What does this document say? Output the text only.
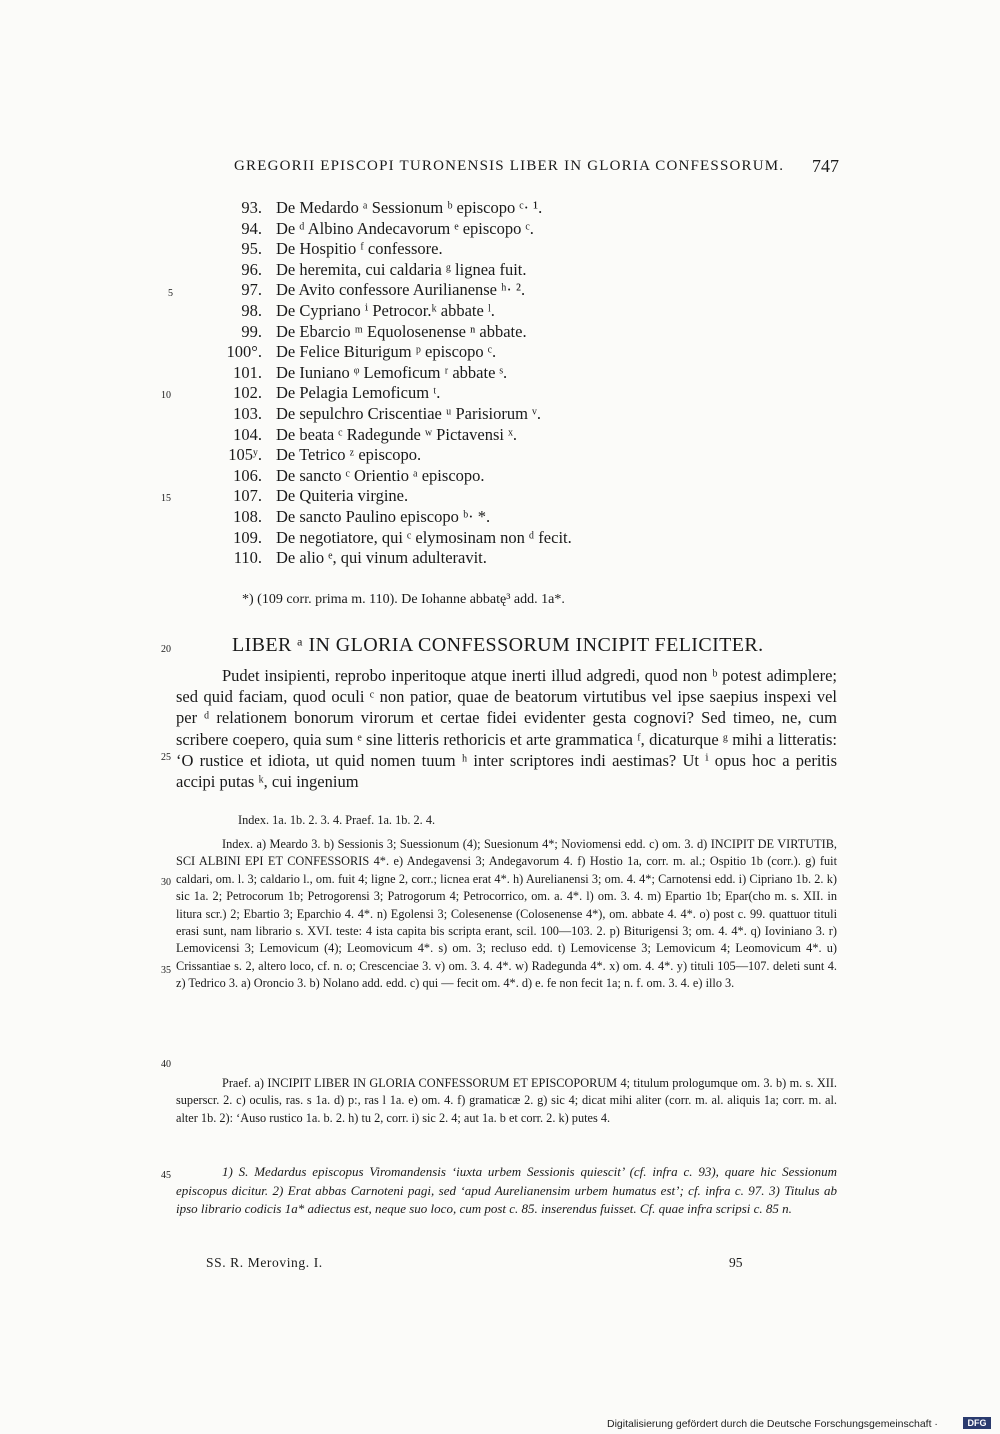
GREGORII EPISCOPI TURONENSIS LIBER IN GLORIA CONFESSORUM. 747
93. De Medardo ᵃ Sessionum ᵇ episcopo ᶜ· ¹.
94. De ᵈ Albino Andecavorum ᵉ episcopo ᶜ.
95. De Hospitio ᶠ confessore.
96. De heremita, cui caldaria ᵍ lignea fuit.
97. De Avito confessore Aurilianense ʰ· ².
98. De Cypriano ⁱ Petrocor.ᵏ abbate ˡ.
99. De Ebarcio ᵐ Equolosenense ⁿ abbate.
100°. De Felice Biturigum ᵖ episcopo ᶜ.
101. De Iuniano ᵠ Lemoficum ʳ abbate ˢ.
102. De Pelagia Lemoficum ᵗ.
103. De sepulchro Criscentiae ᵘ Parisiorum ᵛ.
104. De beata ᶜ Radegunde ʷ Pictavensi ˣ.
105ʸ. De Tetrico ᶻ episcopo.
106. De sancto ᶜ Orientio ᵃ episcopo.
107. De Quiteria virgine.
108. De sancto Paulino episcopo ᵇ· *.
109. De negotiatore, qui ᶜ elymosinam non ᵈ fecit.
110. De alio ᵉ, qui vinum adulteravit.
5
10
15
20
25
30
35
40
45
*) (109 corr. prima m. 110). De Iohanne abbatę³ add. 1a*.
LIBER ᵃ IN GLORIA CONFESSORUM INCIPIT FELICITER.

Pudet insipienti, reprobo inperitoque atque inerti illud adgredi, quod non ᵇ potest adimplere; sed quid faciam, quod oculi ᶜ non patior, quae de beatorum virtutibus vel ipse saepius inspexi vel per ᵈ relationem bonorum virorum et certae fidei evidenter gesta cognovi? Sed timeo, ne, cum scribere coepero, quia sum ᵉ sine litteris rethoricis et arte grammatica ᶠ, dicaturque ᵍ mihi a litteratis: ‘O rustice et idiota, ut quid nomen tuum ʰ inter scriptores indi aestimas? Ut ⁱ opus hoc a peritis accipi putas ᵏ, cui ingenium

Index. 1a. 1b. 2. 3. 4. Praef. 1a. 1b. 2. 4.

Index. a) Meardo 3. b) Sessionis 3; Suessionum (4); Suesionum 4*; Noviomensi edd. c) om. 3. d) INCIPIT DE VIRTUTIB, SCI ALBINI EPI ET CONFESSORIS 4*. e) Andegavensi 3; Andegavorum 4. f) Hostio 1a, corr. m. al.; Ospitio 1b (corr.). g) fuit caldari, om. l. 3; caldario l., om. fuit 4; ligne 2, corr.; licnea erat 4*. h) Aurelianensi 3; om. 4. 4*; Carnotensi edd. i) Cipriano 1b. 2. k) sic 1a. 2; Petrocorum 1b; Petrogorensi 3; Patrogorum 4; Petrocorrico, om. a. 4*. l) om. 3. 4. m) Epartio 1b; Epar(cho m. s. XII. in litura scr.) 2; Ebartio 3; Eparchio 4. 4*. n) Egolensi 3; Colesenense (Colosenense 4*), om. abbate 4. 4*. o) post c. 99. quattuor tituli erasi sunt, nam librario s. XVI. teste: 4 ista capita bis scripta erant, scil. 100—103. 2. p) Biturigensi 3; om. 4. 4*. q) Ioviniano 3. r) Lemovicensi 3; Lemovicum (4); Leomovicum 4*. s) om. 3; recluso edd. t) Lemovicense 3; Lemovicum 4; Leomovicum 4*. u) Crissantiae s. 2, altero loco, cf. n. o; Crescenciae 3. v) om. 3. 4. 4*. w) Radegunda 4*. x) om. 4. 4*. y) tituli 105—107. deleti sunt 4. z) Tedrico 3. a) Oroncio 3. b) Nolano add. edd. c) qui — fecit om. 4*. d) e. fe non fecit 1a; n. f. om. 3. 4. e) illo 3.

Praef. a) INCIPIT LIBER IN GLORIA CONFESSORUM ET EPISCOPORUM 4; titulum prologumque om. 3. b) m. s. XII. superscr. 2. c) oculis, ras. s 1a. d) p:, ras l 1a. e) om. 4. f) gramaticæ 2. g) sic 4; dicat mihi aliter (corr. m. al. aliquis 1a; corr. m. al. alter 1b. 2): ‘Auso rustico 1a. b. 2. h) tu 2, corr. i) sic 2. 4; aut 1a. b et corr. 2. k) putes 4.

1) S. Medardus episcopus Viromandensis ‘iuxta urbem Sessionis quiescit’ (cf. infra c. 93), quare hic Sessionum episcopus dicitur. 2) Erat abbas Carnoteni pagi, sed ‘apud Aurelianensim urbem humatus est’; cf. infra c. 97. 3) Titulus ab ipso librario codicis 1a* adiectus est, neque suo loco, cum post c. 85. inserendus fuisset. Cf. quae infra scripsi c. 85 n.

SS. R. Meroving. I.	95
Digitalisierung gefördert durch die Deutsche Forschungsgemeinschaft ·	DFG
